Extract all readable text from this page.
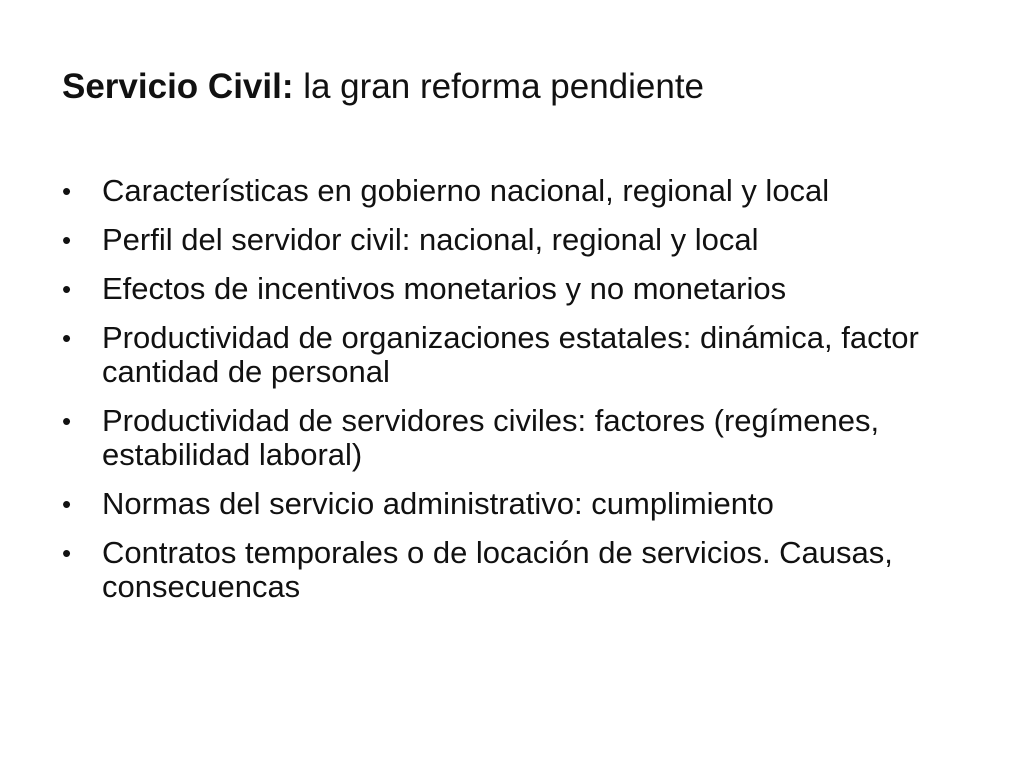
Servicio Civil: la gran reforma pendiente
• Características en gobierno nacional, regional y local
• Perfil del servidor civil: nacional, regional y local
• Efectos de incentivos monetarios y no monetarios
• Productividad de organizaciones estatales: dinámica, factor cantidad de personal
• Productividad de servidores civiles: factores (regímenes, estabilidad laboral)
• Normas del servicio administrativo: cumplimiento
• Contratos temporales o de locación de servicios. Causas, consecuencas
